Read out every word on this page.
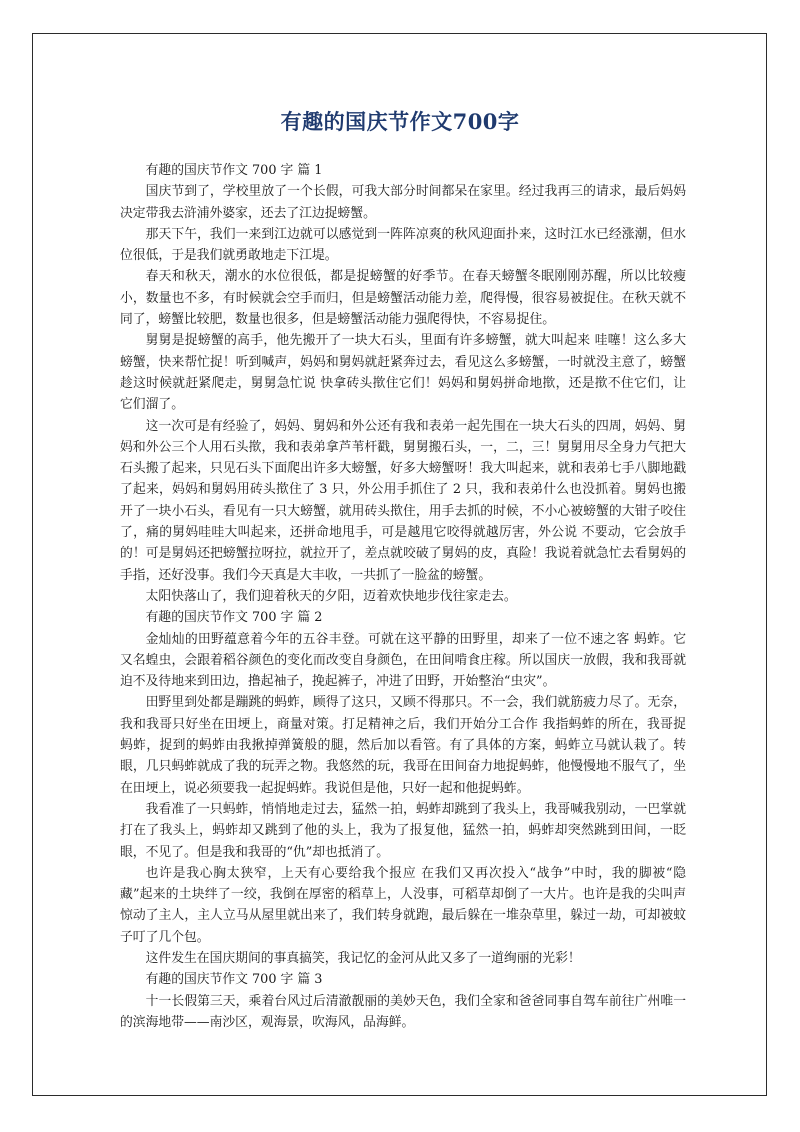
有趣的国庆节作文700字

有趣的国庆节作文 700 字 篇 1

国庆节到了，学校里放了一个长假，可我大部分时间都呆在家里。经过我再三的请求，最后妈妈决定带我去浒浦外婆家，还去了江边捉螃蟹。

那天下午，我们一来到江边就可以感觉到一阵阵凉爽的秋风迎面扑来，这时江水已经涨潮，但水位很低，于是我们就勇敢地走下江堤。

春天和秋天，潮水的水位很低，都是捉螃蟹的好季节。在春天螃蟹冬眠刚刚苏醒，所以比较瘦小，数量也不多，有时候就会空手而归，但是螃蟹活动能力差，爬得慢，很容易被捉住。在秋天就不同了，螃蟹比较肥，数量也很多，但是螃蟹活动能力强爬得快，不容易捉住。

舅舅是捉螃蟹的高手，他先搬开了一块大石头，里面有许多螃蟹，就大叫起来 哇噻！这么多大螃蟹，快来帮忙捉！听到喊声，妈妈和舅妈就赶紧奔过去，看见这么多螃蟹，一时就没主意了，螃蟹趁这时候就赶紧爬走，舅舅急忙说 快拿砖头揿住它们！妈妈和舅妈拼命地揿，还是揿不住它们，让它们溜了。

这一次可是有经验了，妈妈、舅妈和外公还有我和表弟一起先围在一块大石头的四周，妈妈、舅妈和外公三个人用石头揿，我和表弟拿芦苇杆戳，舅舅搬石头，一，二，三！舅舅用尽全身力气把大石头搬了起来，只见石头下面爬出许多大螃蟹，好多大螃蟹呀！我大叫起来，就和表弟七手八脚地戳了起来，妈妈和舅妈用砖头揿住了 3 只，外公用手抓住了 2 只，我和表弟什么也没抓着。舅妈也搬开了一块小石头，看见有一只大螃蟹，就用砖头揿住，用手去抓的时候，不小心被螃蟹的大钳子咬住了，痛的舅妈哇哇大叫起来，还拼命地甩手，可是越甩它咬得就越厉害，外公说 不要动，它会放手的！可是舅妈还把螃蟹拉呀拉，就拉开了，差点就咬破了舅妈的皮，真险！我说着就急忙去看舅妈的手指，还好没事。我们今天真是大丰收，一共抓了一脸盆的螃蟹。

太阳快落山了，我们迎着秋天的夕阳，迈着欢快地步伐往家走去。

有趣的国庆节作文 700 字 篇 2

金灿灿的田野蕴意着今年的五谷丰登。可就在这平静的田野里，却来了一位不速之客 蚂蚱。它又名蝗虫，会跟着稻谷颜色的变化而改变自身颜色，在田间啃食庄稼。所以国庆一放假，我和我哥就迫不及待地来到田边，撸起袖子，挽起裤子，冲进了田野，开始整治“虫灾”。

田野里到处都是蹦跳的蚂蚱，顾得了这只，又顾不得那只。不一会，我们就筋疲力尽了。无奈，我和我哥只好坐在田埂上，商量对策。打足精神之后，我们开始分工合作 我指蚂蚱的所在，我哥捉蚂蚱，捉到的蚂蚱由我揪掉弹簧般的腿，然后加以看管。有了具体的方案，蚂蚱立马就认栽了。转眼，几只蚂蚱就成了我的玩弄之物。我悠然的玩，我哥在田间奋力地捉蚂蚱，他慢慢地不服气了，坐在田埂上，说必须要我一起捉蚂蚱。我说但是他，只好一起和他捉蚂蚱。

我看准了一只蚂蚱，悄悄地走过去，猛然一拍，蚂蚱却跳到了我头上，我哥喊我别动，一巴掌就打在了我头上，蚂蚱却又跳到了他的头上，我为了报复他，猛然一拍，蚂蚱却突然跳到田间，一眨眼，不见了。但是我和我哥的“仇”却也抵消了。

也许是我心胸太狭窄，上天有心要给我个报应 在我们又再次投入“战争”中时，我的脚被“隐藏”起来的土块绊了一绞，我倒在厚密的稻草上，人没事，可稻草却倒了一大片。也许是我的尖叫声惊动了主人，主人立马从屋里就出来了，我们转身就跑，最后躲在一堆杂草里，躲过一劫，可却被蚊子叮了几个包。

这件发生在国庆期间的事真搞笑，我记忆的金河从此又多了一道绚丽的光彩！

有趣的国庆节作文 700 字 篇 3

十一长假第三天，乘着台风过后清澈靓丽的美妙天色，我们全家和爸爸同事自驾车前往广州唯一的滨海地带——南沙区，观海景，吹海风，品海鲜。
